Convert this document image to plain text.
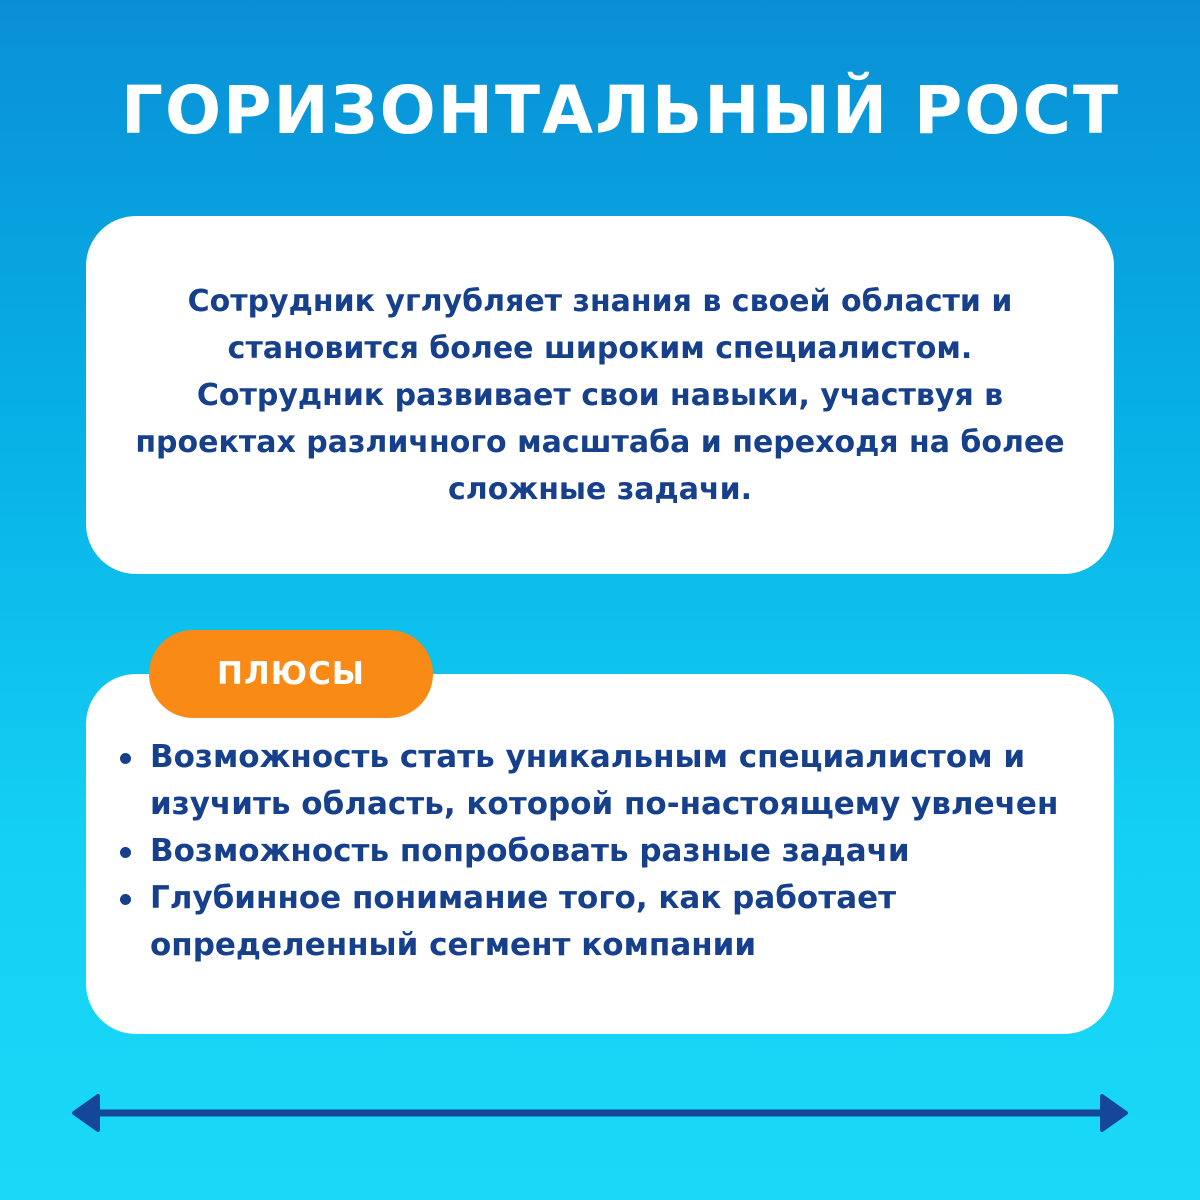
ГОРИЗОНТАЛЬНЫЙ РОСТ

Сотрудник углубляет знания в своей области и
становится более широким специалистом.
Сотрудник развивает свои навыки, участвуя в
проектах различного масштаба и переходя на более
сложные задачи.

ПЛЮСЫ
Возможность стать уникальным специалистом и
изучить область, которой по-настоящему увлечен
Возможность попробовать разные задачи
Глубинное понимание того, как работает
определенный сегмент компании
